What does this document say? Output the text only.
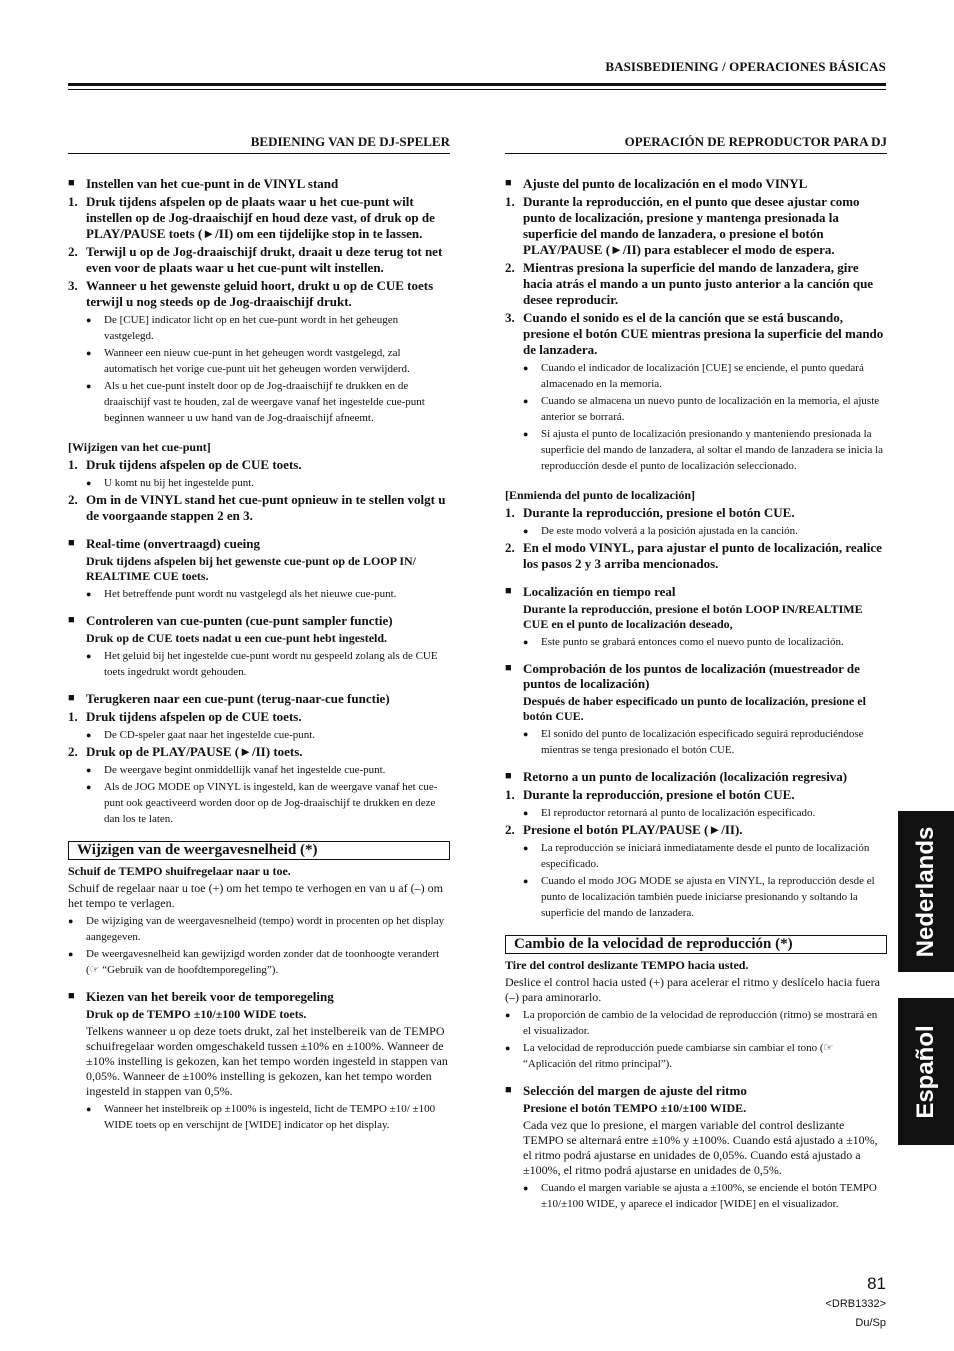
BASISBEDIENING / OPERACIONES BÁSICAS
BEDIENING VAN DE DJ-SPELER
■ Instellen van het cue-punt in de VINYL stand
1. Druk tijdens afspelen op de plaats waar u het cue-punt wilt instellen op de Jog-draaischijf en houd deze vast, of druk op de PLAY/PAUSE toets (►/II) om een tijdelijke stop in te lassen.
2. Terwijl u op de Jog-draaischijf drukt, draait u deze terug tot net even voor de plaats waar u het cue-punt wilt instellen.
3. Wanneer u het gewenste geluid hoort, drukt u op de CUE toets terwijl u nog steeds op de Jog-draaischijf drukt.
● De [CUE] indicator licht op en het cue-punt wordt in het geheugen vastgelegd.
● Wanneer een nieuw cue-punt in het geheugen wordt vastgelegd, zal automatisch het vorige cue-punt uit het geheugen worden verwijderd.
● Als u het cue-punt instelt door op de Jog-draaischijf te drukken en de draaischijf vast te houden, zal de weergave vanaf het ingestelde cue-punt beginnen wanneer u uw hand van de Jog-draaischijf afneemt.
[Wijzigen van het cue-punt]
1. Druk tijdens afspelen op de CUE toets.
● U komt nu bij het ingestelde punt.
2. Om in de VINYL stand het cue-punt opnieuw in te stellen volgt u de voorgaande stappen 2 en 3.
■ Real-time (onvertraagd) cueing
Druk tijdens afspelen bij het gewenste cue-punt op de LOOP IN/ REALTIME CUE toets.
● Het betreffende punt wordt nu vastgelegd als het nieuwe cue-punt.
■ Controleren van cue-punten (cue-punt sampler functie)
Druk op de CUE toets nadat u een cue-punt hebt ingesteld.
● Het geluid bij het ingestelde cue-punt wordt nu gespeeld zolang als de CUE toets ingedrukt wordt gehouden.
■ Terugkeren naar een cue-punt (terug-naar-cue functie)
1. Druk tijdens afspelen op de CUE toets.
● De CD-speler gaat naar het ingestelde cue-punt.
2. Druk op de PLAY/PAUSE (►/II) toets.
● De weergave begint onmiddellijk vanaf het ingestelde cue-punt.
● Als de JOG MODE op VINYL is ingesteld, kan de weergave vanaf het cue-punt ook geactiveerd worden door op de Jog-draaischijf te drukken en deze dan los te laten.
Wijzigen van de weergavesnelheid (*)
Schuif de TEMPO shuifregelaar naar u toe.
Schuif de regelaar naar u toe (+) om het tempo te verhogen en van u af (–) om het tempo te verlagen.
● De wijziging van de weergavesnelheid (tempo) wordt in procenten op het display aangegeven.
● De weergavesnelheid kan gewijzigd worden zonder dat de toonhoogte verandert (☞ “Gebruik van de hoofdtemporegeling”).
■ Kiezen van het bereik voor de temporegeling
Druk op de TEMPO ±10/±100 WIDE toets.
Telkens wanneer u op deze toets drukt, zal het instelbereik van de TEMPO schuifregelaar worden omgeschakeld tussen ±10% en ±100%. Wanneer de ±10% instelling is gekozen, kan het tempo worden ingesteld in stappen van 0,05%. Wanneer de ±100% instelling is gekozen, kan het tempo worden ingesteld in stappen van 0,5%.
● Wanneer het instelbreik op ±100% is ingesteld, licht de TEMPO ±10/ ±100 WIDE toets op en verschijnt de [WIDE] indicator op het display.
OPERACIÓN DE REPRODUCTOR PARA DJ
■ Ajuste del punto de localización en el modo VINYL
1. Durante la reproducción, en el punto que desee ajustar como punto de localización, presione y mantenga presionada la superficie del mando de lanzadera, o presione el botón PLAY/PAUSE (►/II) para establecer el modo de espera.
2. Mientras presiona la superficie del mando de lanzadera, gire hacia atrás el mando a un punto justo anterior a la canción que desee reproducir.
3. Cuando el sonido es el de la canción que se está buscando, presione el botón CUE mientras presiona la superficie del mando de lanzadera.
● Cuando el indicador de localización [CUE] se enciende, el punto quedará almacenado en la memoria.
● Cuando se almacena un nuevo punto de localización en la memoria, el ajuste anterior se borrará.
● Si ajusta el punto de localización presionando y manteniendo presionada la superficie del mando de lanzadera, al soltar el mando de lanzadera se inicia la reproducción desde el punto de localización seleccionado.
[Enmienda del punto de localización]
1. Durante la reproducción, presione el botón CUE.
● De este modo volverá a la posición ajustada en la canción.
2. En el modo VINYL, para ajustar el punto de localización, realice los pasos 2 y 3 arriba mencionados.
■ Localización en tiempo real
Durante la reproducción, presione el botón LOOP IN/REALTIME CUE en el punto de localización deseado,
● Este punto se grabará entonces como el nuevo punto de localización.
■ Comprobación de los puntos de localización (muestreador de puntos de localización)
Después de haber especificado un punto de localización, presione el botón CUE.
● El sonido del punto de localización especificado seguirá reproduciéndose mientras se tenga presionado el botón CUE.
■ Retorno a un punto de localización (localización regresiva)
1. Durante la reproducción, presione el botón CUE.
● El reproductor retornará al punto de localización especificado.
2. Presione el botón PLAY/PAUSE (►/II).
● La reproducción se iniciará inmediatamente desde el punto de localización especificado.
● Cuando el modo JOG MODE se ajusta en VINYL, la reproducción desde el punto de localización también puede iniciarse presionando y soltando la superficie del mando de lanzadera.
Cambio de la velocidad de reproducción (*)
Tire del control deslizante TEMPO hacia usted.
Deslice el control hacia usted (+) para acelerar el ritmo y deslícelo hacia fuera (–) para aminorarlo.
● La proporción de cambio de la velocidad de reproducción (ritmo) se mostrará en el visualizador.
● La velocidad de reproducción puede cambiarse sin cambiar el tono (☞ “Aplicación del ritmo principal”).
■ Selección del margen de ajuste del ritmo
Presione el botón TEMPO ±10/±100 WIDE.
Cada vez que lo presione, el margen variable del control deslizante TEMPO se alternará entre ±10% y ±100%. Cuando está ajustado a ±10%, el ritmo podrá ajustarse en unidades de 0,05%. Cuando está ajustado a ±100%, el ritmo podrá ajustarse en unidades de 0,5%.
● Cuando el margen variable se ajusta a ±100%, se enciende el botón TEMPO ±10/±100 WIDE, y aparece el indicador [WIDE] en el visualizador.
Nederlands
Español
81
<DRB1332>
Du/Sp
